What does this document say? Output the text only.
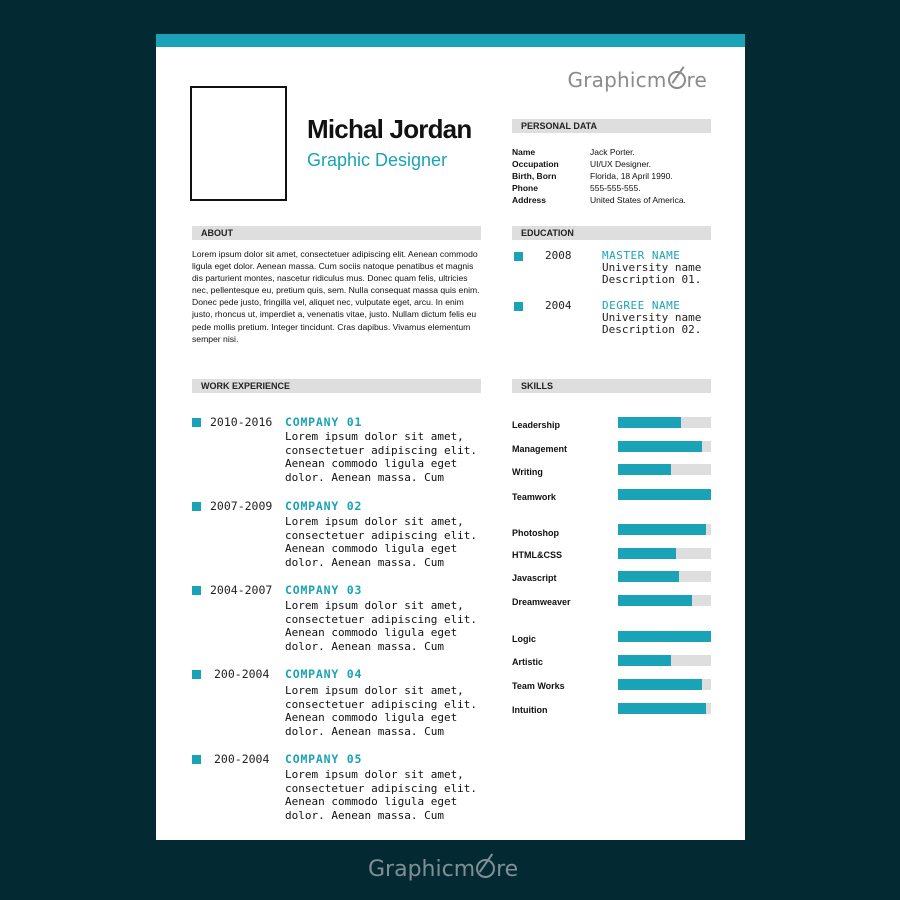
Graphicm re
Michal Jordan
Graphic Designer
PERSONAL DATA
Name	Jack Porter.
Occupation	UI/UX Designer.
Birth, Born	Florida, 18 April 1990.
Phone	555-555-555.
Address	United States of America.
ABOUT
Lorem ipsum dolor sit amet, consectetuer adipiscing elit. Aenean commodo ligula eget dolor. Aenean massa. Cum sociis natoque penatibus et magnis dis parturient montes, nascetur ridiculus mus. Donec quam felis, ultricies nec, pellentesque eu, pretium quis, sem. Nulla consequat massa quis enim. Donec pede justo, fringilla vel, aliquet nec, vulputate eget, arcu. In enim justo, rhoncus ut, imperdiet a, venenatis vitae, justo. Nullam dictum felis eu pede mollis pretium. Integer tincidunt. Cras dapibus. Vivamus elementum semper nisi.
EDUCATION
2008	MASTER NAME
University name
Description 01.
2004	DEGREE NAME
University name
Description 02.
WORK EXPERIENCE
2010-2016 COMPANY 01
Lorem ipsum dolor sit amet,
consectetuer adipiscing elit.
Aenean commodo ligula eget
dolor. Aenean massa. Cum
2007-2009 COMPANY 02
Lorem ipsum dolor sit amet,
consectetuer adipiscing elit.
Aenean commodo ligula eget
dolor. Aenean massa. Cum
2004-2007 COMPANY 03
Lorem ipsum dolor sit amet,
consectetuer adipiscing elit.
Aenean commodo ligula eget
dolor. Aenean massa. Cum
200-2004 COMPANY 04
Lorem ipsum dolor sit amet,
consectetuer adipiscing elit.
Aenean commodo ligula eget
dolor. Aenean massa. Cum
200-2004 COMPANY 05
Lorem ipsum dolor sit amet,
consectetuer adipiscing elit.
Aenean commodo ligula eget
dolor. Aenean massa. Cum
SKILLS
Leadership
Management
Writing
Teamwork
Photoshop
HTML&CSS
Javascript
Dreamweaver
Logic
Artistic
Team Works
Intuition
Graphicm re
